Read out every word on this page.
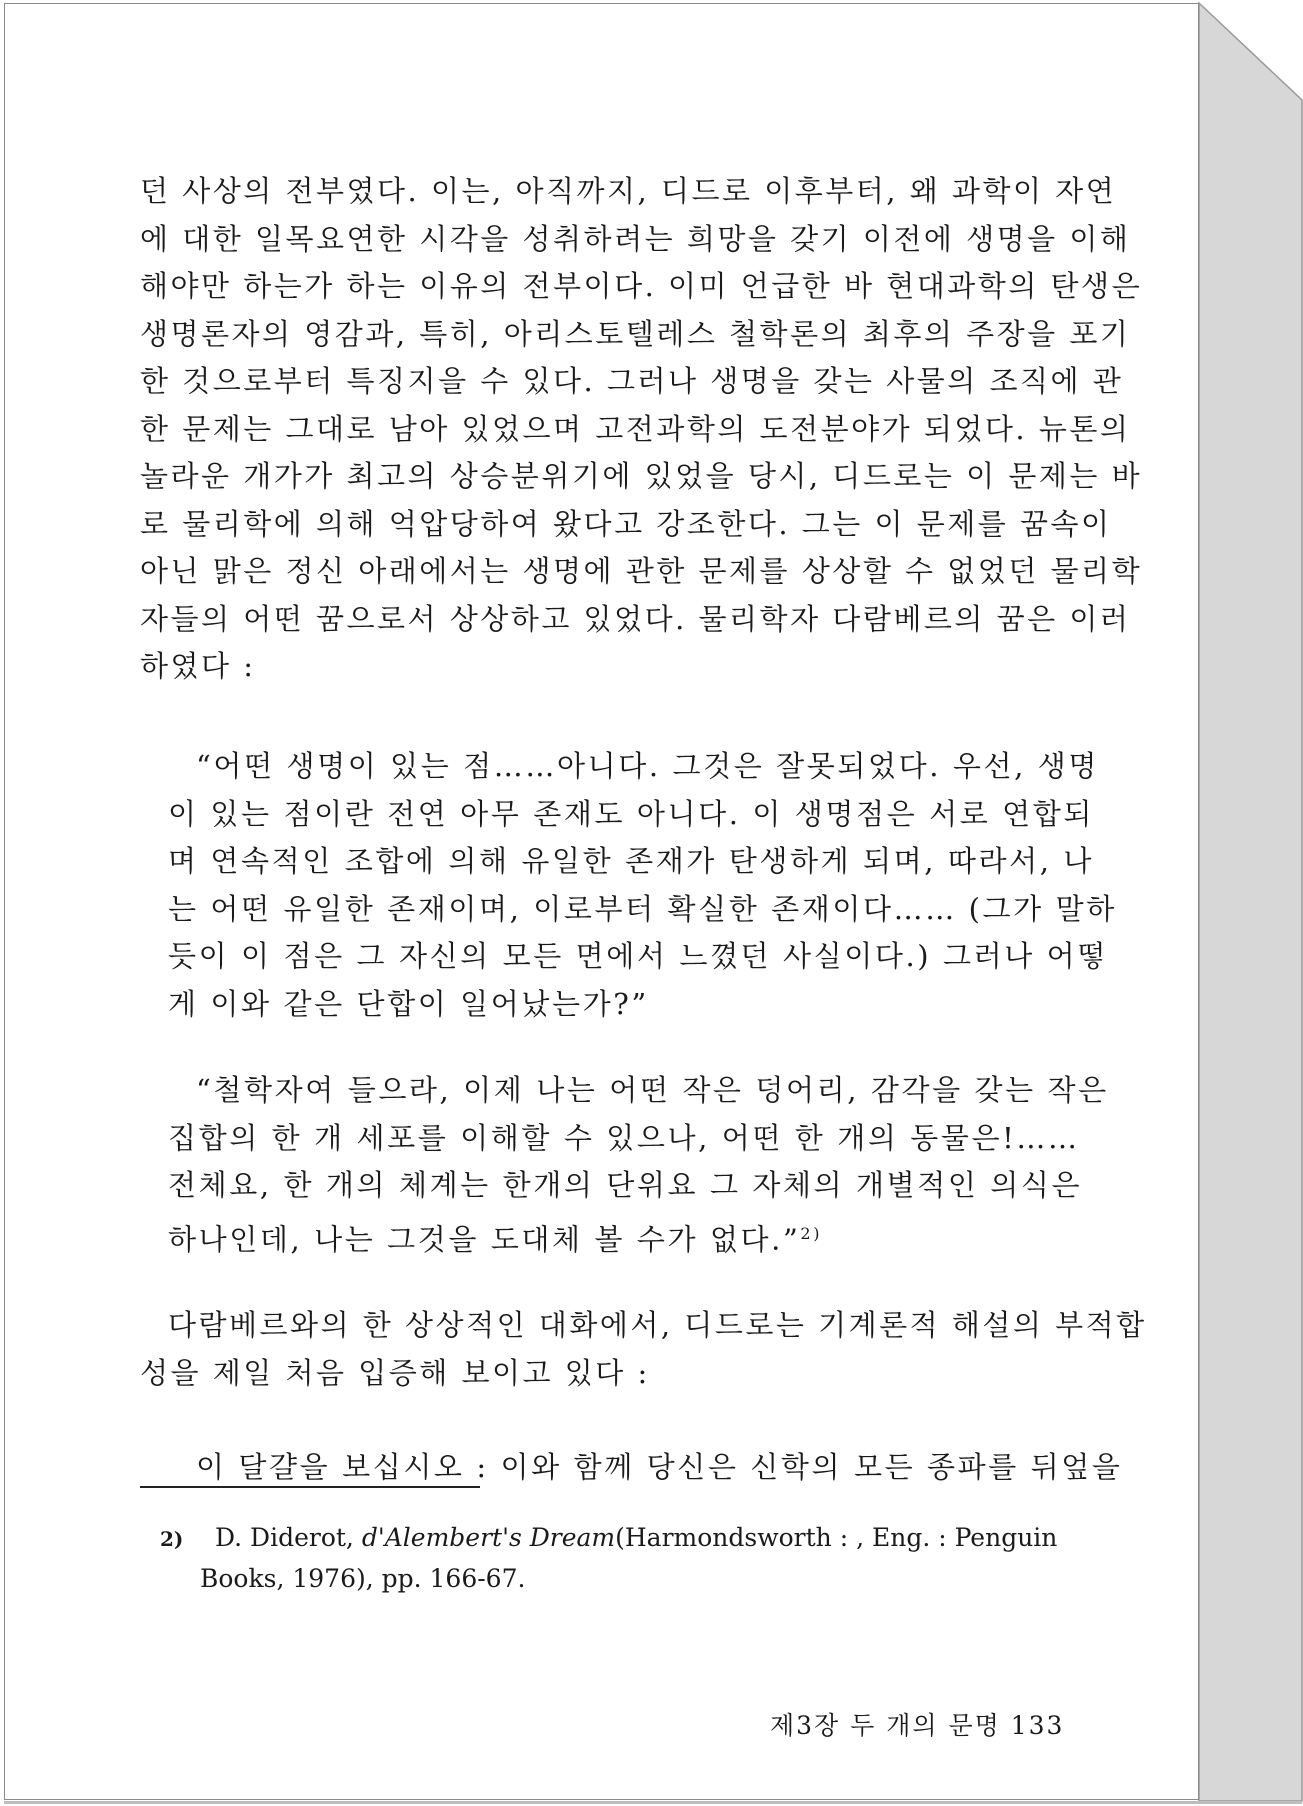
던 사상의 전부였다. 이는, 아직까지, 디드로 이후부터, 왜 과학이 자연

에 대한 일목요연한 시각을 성취하려는 희망을 갖기 이전에 생명을 이해

해야만 하는가 하는 이유의 전부이다. 이미 언급한 바 현대과학의 탄생은

생명론자의 영감과, 특히, 아리스토텔레스 철학론의 최후의 주장을 포기

한 것으로부터 특징지을 수 있다. 그러나 생명을 갖는 사물의 조직에 관

한 문제는 그대로 남아 있었으며 고전과학의 도전분야가 되었다. 뉴톤의

놀라운 개가가 최고의 상승분위기에 있었을 당시, 디드로는 이 문제는 바

로 물리학에 의해 억압당하여 왔다고 강조한다. 그는 이 문제를 꿈속이

아닌 맑은 정신 아래에서는 생명에 관한 문제를 상상할 수 없었던 물리학

자들의 어떤 꿈으로서 상상하고 있었다. 물리학자 다람베르의 꿈은 이러

하였다 :

“어떤 생명이 있는 점……아니다. 그것은 잘못되었다. 우선, 생명

이 있는 점이란 전연 아무 존재도 아니다. 이 생명점은 서로 연합되

며 연속적인 조합에 의해 유일한 존재가 탄생하게 되며, 따라서, 나

는 어떤 유일한 존재이며, 이로부터 확실한 존재이다…… (그가 말하

듯이 이 점은 그 자신의 모든 면에서 느꼈던 사실이다.) 그러나 어떻

게 이와 같은 단합이 일어났는가?”

“철학자여 들으라, 이제 나는 어떤 작은 덩어리, 감각을 갖는 작은

집합의 한 개 세포를 이해할 수 있으나, 어떤 한 개의 동물은!……

전체요, 한 개의 체계는 한개의 단위요 그 자체의 개별적인 의식은

하나인데, 나는 그것을 도대체 볼 수가 없다.”$^{2)}$

다람베르와의 한 상상적인 대화에서, 디드로는 기계론적 해설의 부적합

성을 제일 처음 입증해 보이고 있다 :

이 달걀을 보십시오 : 이와 함께 당신은 신학의 모든 종파를 뒤엎을

2) D. Diderot, d'Alembert's Dream(Harmondsworth : , Eng. : Penguin
Books, 1976), pp. 166-67.
제3장 두 개의 문명 133
